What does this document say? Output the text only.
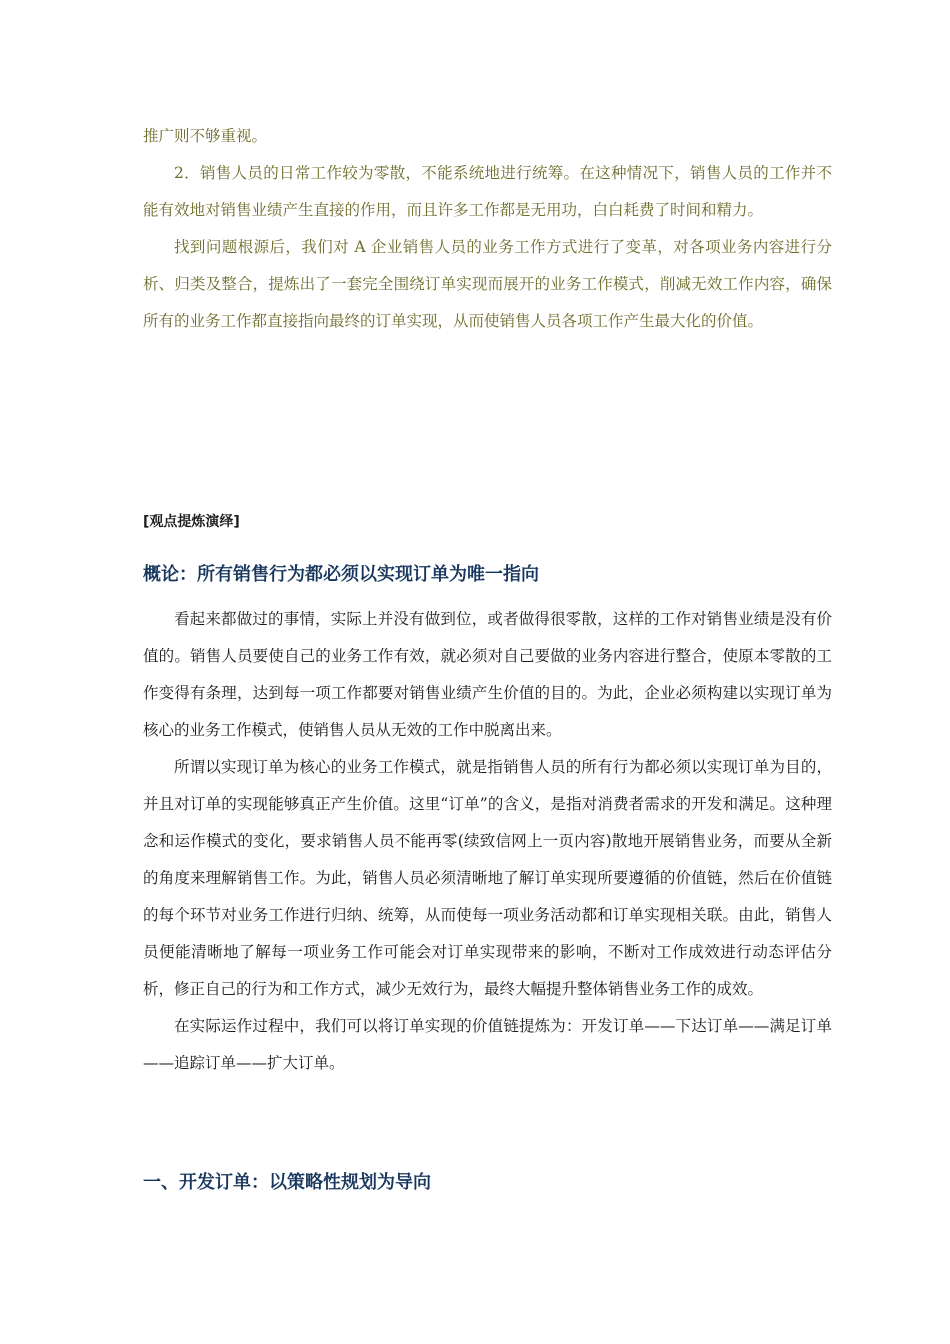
推广则不够重视。

2．销售人员的日常工作较为零散，不能系统地进行统筹。在这种情况下，销售人员的工作并不能有效地对销售业绩产生直接的作用，而且许多工作都是无用功，白白耗费了时间和精力。

找到问题根源后，我们对 A 企业销售人员的业务工作方式进行了变革，对各项业务内容进行分析、归类及整合，提炼出了一套完全围绕订单实现而展开的业务工作模式，削减无效工作内容，确保所有的业务工作都直接指向最终的订单实现，从而使销售人员各项工作产生最大化的价值。

[观点提炼演绎]
概论：所有销售行为都必须以实现订单为唯一指向

看起来都做过的事情，实际上并没有做到位，或者做得很零散，这样的工作对销售业绩是没有价值的。销售人员要使自己的业务工作有效，就必须对自己要做的业务内容进行整合，使原本零散的工作变得有条理，达到每一项工作都要对销售业绩产生价值的目的。为此，企业必须构建以实现订单为核心的业务工作模式，使销售人员从无效的工作中脱离出来。

所谓以实现订单为核心的业务工作模式，就是指销售人员的所有行为都必须以实现订单为目的，并且对订单的实现能够真正产生价值。这里“订单”的含义，是指对消费者需求的开发和满足。这种理念和运作模式的变化，要求销售人员不能再零(续致信网上一页内容)散地开展销售业务，而要从全新的角度来理解销售工作。为此，销售人员必须清晰地了解订单实现所要遵循的价值链，然后在价值链的每个环节对业务工作进行归纳、统筹，从而使每一项业务活动都和订单实现相关联。由此，销售人员便能清晰地了解每一项业务工作可能会对订单实现带来的影响，不断对工作成效进行动态评估分析，修正自己的行为和工作方式，减少无效行为，最终大幅提升整体销售业务工作的成效。

在实际运作过程中，我们可以将订单实现的价值链提炼为：开发订单——下达订单——满足订单——追踪订单——扩大订单。

一、开发订单：以策略性规划为导向
